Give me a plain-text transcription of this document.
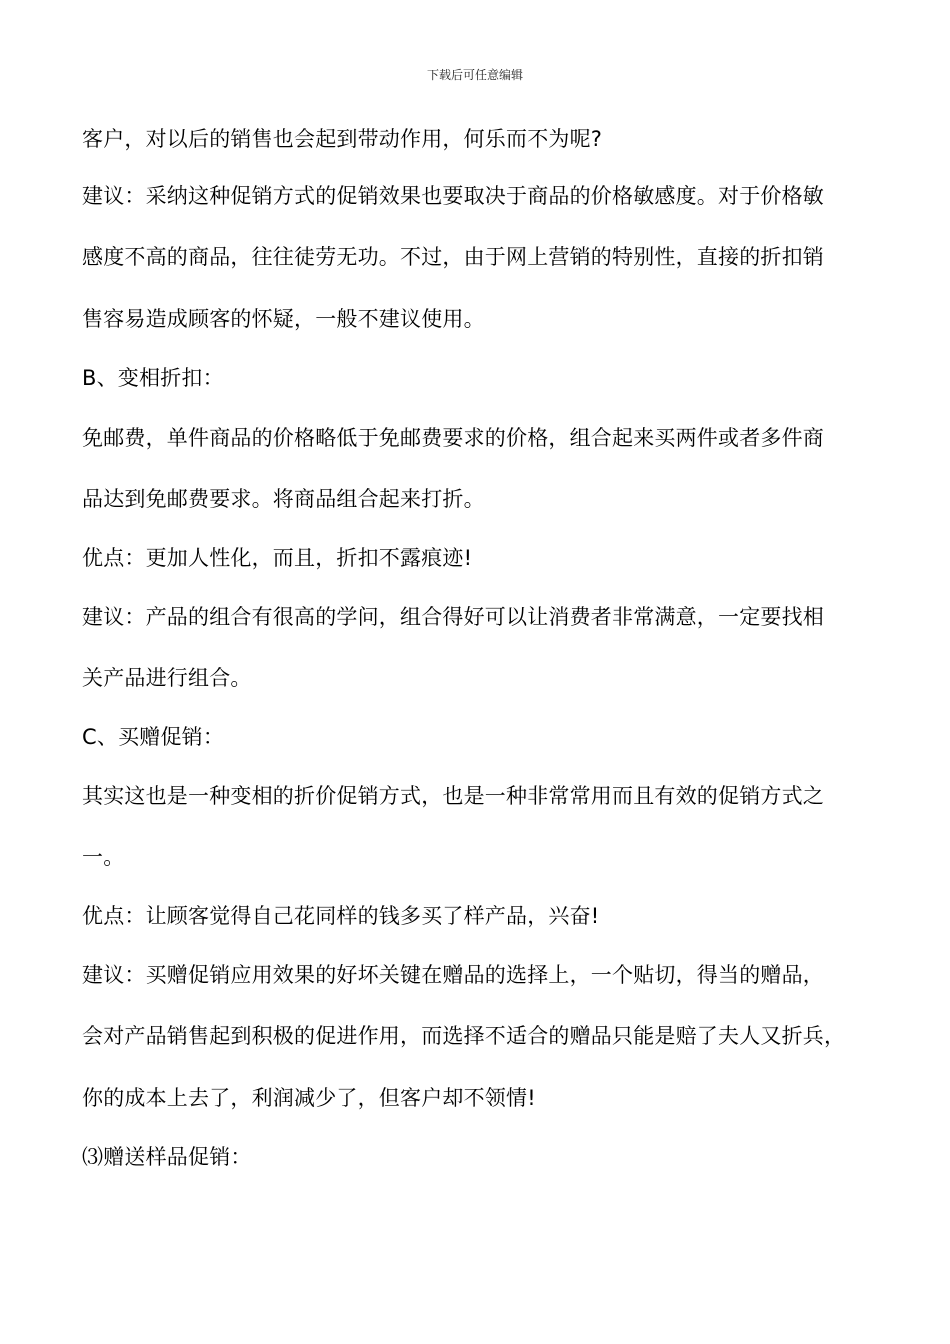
下载后可任意编辑
客户，对以后的销售也会起到带动作用，何乐而不为呢?
建议：采纳这种促销方式的促销效果也要取决于商品的价格敏感度。对于价格敏
感度不高的商品，往往徒劳无功。不过，由于网上营销的特别性，直接的折扣销
售容易造成顾客的怀疑，一般不建议使用。
B、变相折扣：
免邮费，单件商品的价格略低于免邮费要求的价格，组合起来买两件或者多件商
品达到免邮费要求。将商品组合起来打折。
优点：更加人性化，而且，折扣不露痕迹!
建议：产品的组合有很高的学问，组合得好可以让消费者非常满意，一定要找相
关产品进行组合。
C、买赠促销：
其实这也是一种变相的折价促销方式，也是一种非常常用而且有效的促销方式之
一。
优点：让顾客觉得自己花同样的钱多买了样产品，兴奋!
建议：买赠促销应用效果的好坏关键在赠品的选择上，一个贴切，得当的赠品，
会对产品销售起到积极的促进作用，而选择不适合的赠品只能是赔了夫人又折兵，
你的成本上去了，利润减少了，但客户却不领情!
⑶赠送样品促销：
